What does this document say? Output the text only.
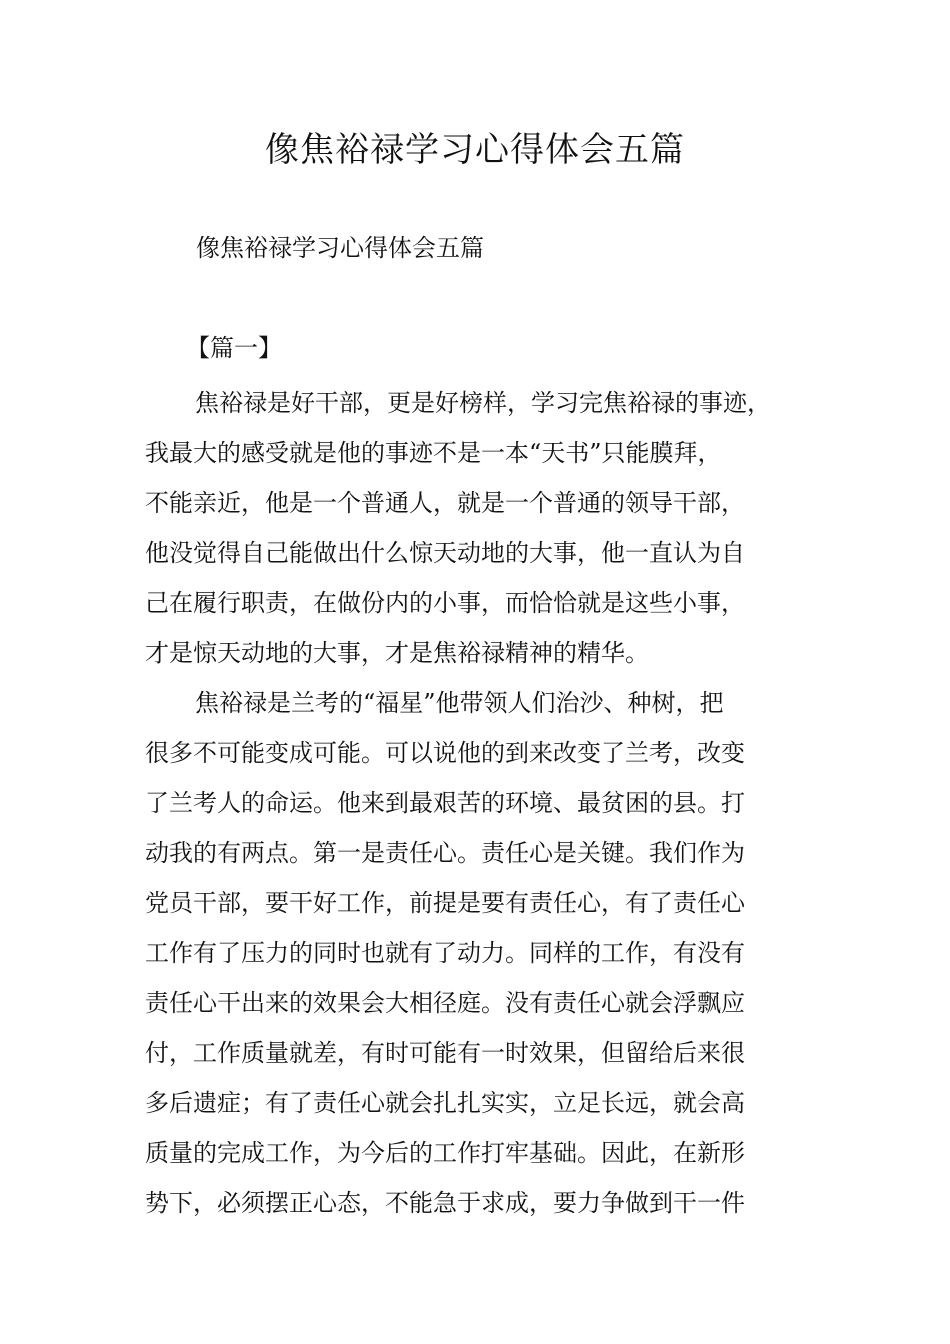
像焦裕禄学习心得体会五篇

像焦裕禄学习心得体会五篇

【篇一】

焦裕禄是好干部，更是好榜样，学习完焦裕禄的事迹，
我最大的感受就是他的事迹不是一本“天书”只能膜拜，
不能亲近，他是一个普通人，就是一个普通的领导干部，
他没觉得自己能做出什么惊天动地的大事，他一直认为自
己在履行职责，在做份内的小事，而恰恰就是这些小事，
才是惊天动地的大事，才是焦裕禄精神的精华。

焦裕禄是兰考的“福星”他带领人们治沙、种树，把
很多不可能变成可能。可以说他的到来改变了兰考，改变
了兰考人的命运。他来到最艰苦的环境、最贫困的县。打
动我的有两点。第一是责任心。责任心是关键。我们作为
党员干部，要干好工作，前提是要有责任心，有了责任心
工作有了压力的同时也就有了动力。同样的工作，有没有
责任心干出来的效果会大相径庭。没有责任心就会浮飘应
付，工作质量就差，有时可能有一时效果，但留给后来很
多后遗症；有了责任心就会扎扎实实，立足长远，就会高
质量的完成工作，为今后的工作打牢基础。因此，在新形
势下，必须摆正心态，不能急于求成，要力争做到干一件
